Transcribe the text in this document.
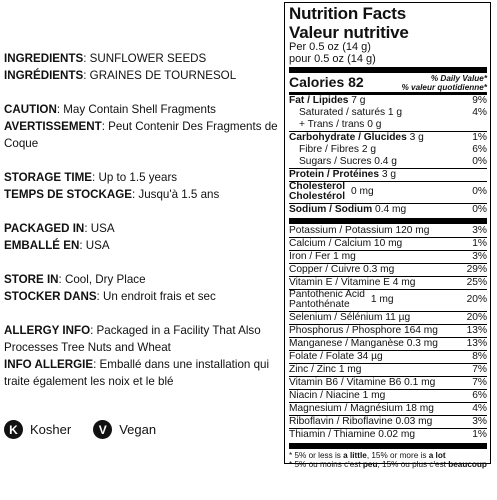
INGREDIENTS: SUNFLOWER SEEDS

INGRÉDIENTS: GRAINES DE TOURNESOL

CAUTION: May Contain Shell Fragments

AVERTISSEMENT: Peut Contenir Des Fragments de Coque

STORAGE TIME: Up to 1.5 years

TEMPS DE STOCKAGE: Jusqu'à 1.5 ans

PACKAGED IN: USA

EMBALLÉ EN: USA

STORE IN: Cool, Dry Place

STOCKER DANS: Un endroit frais et sec

ALLERGY INFO: Packaged in a Facility That Also Processes Tree Nuts and Wheat

INFO ALLERGIE: Emballé dans une installation qui traite également les noix et le blé

K Kosher	V Vegan
Nutrition Facts
Valeur nutritive
Per 0.5 oz (14 g)
pour 0.5 oz (14 g)
Calories 82	% Daily Value*
% valeur quotidienne*
Fat / Lipides 7 g	9%
Saturated / saturés 1 g	4%
+ Trans / trans 0 g
Carbohydrate / Glucides 3 g	1%
Fibre / Fibres 2 g	6%
Sugars / Sucres 0.4 g	0%
Protein / Protéines 3 g
Cholesterol
Cholestérol 0 mg	0%
Sodium / Sodium 0.4 mg	0%
Potassium / Potassium 120 mg	3%
Calcium / Calcium 10 mg	1%
Iron / Fer 1 mg	3%
Copper / Cuivre 0.3 mg	29%
Vitamin E / Vitamine E 4 mg	25%
Pantothenic Acid
Pantothénate	1 mg	20%
Selenium / Sélénium 11 µg	20%
Phosphorus / Phosphore 164 mg	13%
Manganese / Manganèse 0.3 mg	13%
Folate / Folate 34 µg	8%
Zinc / Zinc 1 mg	7%
Vitamin B6 / Vitamine B6 0.1 mg	7%
Niacin / Niacine 1 mg	6%
Magnesium / Magnésium 18 mg	4%
Riboflavin / Riboflavine 0.03 mg	3%
Thiamin / Thiamine 0.02 mg	1%
* 5% or less is a little, 15% or more is a lot
* 5% ou moins c'est peu, 15% ou plus c'est beaucoup
